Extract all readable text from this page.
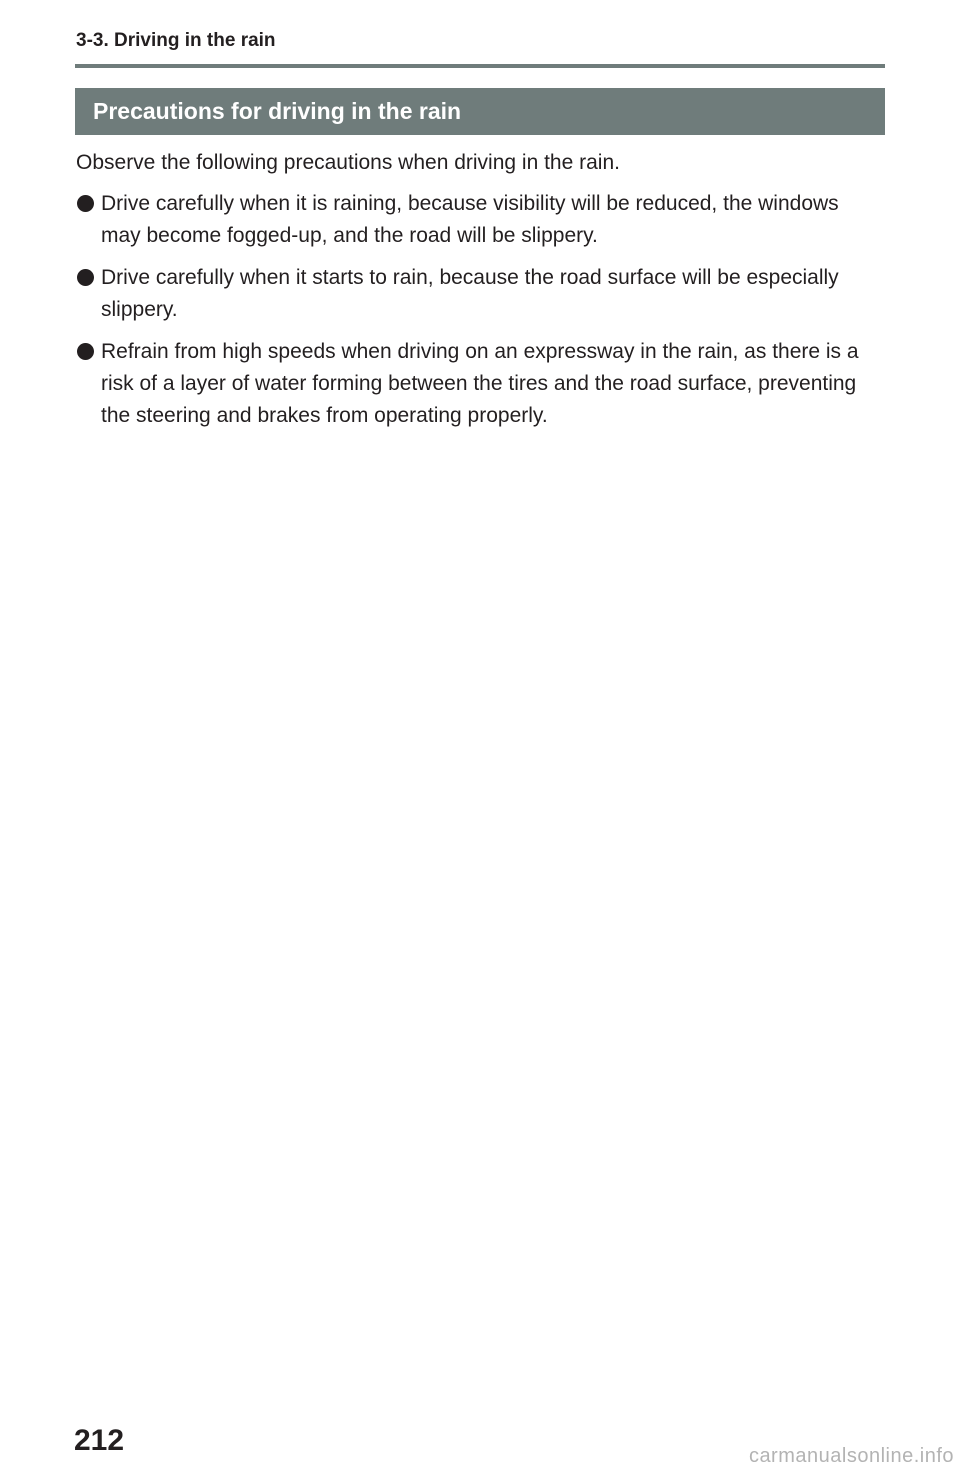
3-3. Driving in the rain
Precautions for driving in the rain
Observe the following precautions when driving in the rain.
Drive carefully when it is raining, because visibility will be reduced, the windows may become fogged-up, and the road will be slippery.
Drive carefully when it starts to rain, because the road surface will be especially slippery.
Refrain from high speeds when driving on an expressway in the rain, as there is a risk of a layer of water forming between the tires and the road surface, preventing the steering and brakes from operating properly.
212	carmanualsonline.info
